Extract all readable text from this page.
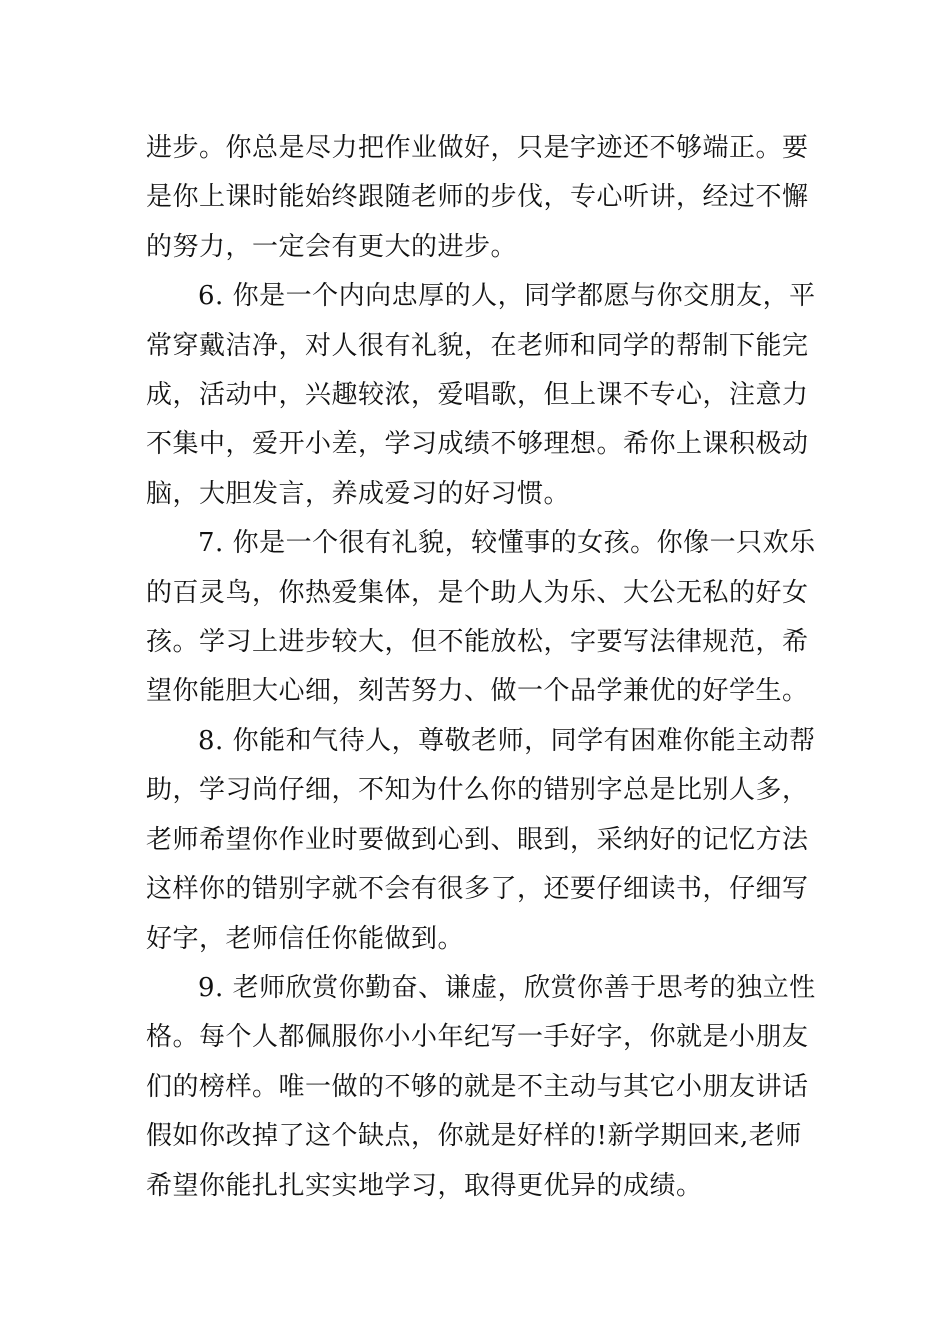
进步。你总是尽力把作业做好，只是字迹还不够端正。要
是你上课时能始终跟随老师的步伐，专心听讲，经过不懈
的努力，一定会有更大的进步。
6. 你是一个内向忠厚的人，同学都愿与你交朋友，平
常穿戴洁净，对人很有礼貌，在老师和同学的帮制下能完
成，活动中，兴趣较浓，爱唱歌，但上课不专心，注意力
不集中，爱开小差，学习成绩不够理想。希你上课积极动
脑，大胆发言，养成爱习的好习惯。
7. 你是一个很有礼貌，较懂事的女孩。你像一只欢乐
的百灵鸟，你热爱集体，是个助人为乐、大公无私的好女
孩。学习上进步较大，但不能放松，字要写法律规范，希
望你能胆大心细，刻苦努力、做一个品学兼优的好学生。
8. 你能和气待人，尊敬老师，同学有困难你能主动帮
助，学习尚仔细，不知为什么你的错别字总是比别人多，
老师希望你作业时要做到心到、眼到，采纳好的记忆方法
这样你的错别字就不会有很多了，还要仔细读书，仔细写
好字，老师信任你能做到。
9. 老师欣赏你勤奋、谦虚，欣赏你善于思考的独立性
格。每个人都佩服你小小年纪写一手好字，你就是小朋友
们的榜样。唯一做的不够的就是不主动与其它小朋友讲话
假如你改掉了这个缺点，你就是好样的!新学期回来,老师
希望你能扎扎实实地学习，取得更优异的成绩。
